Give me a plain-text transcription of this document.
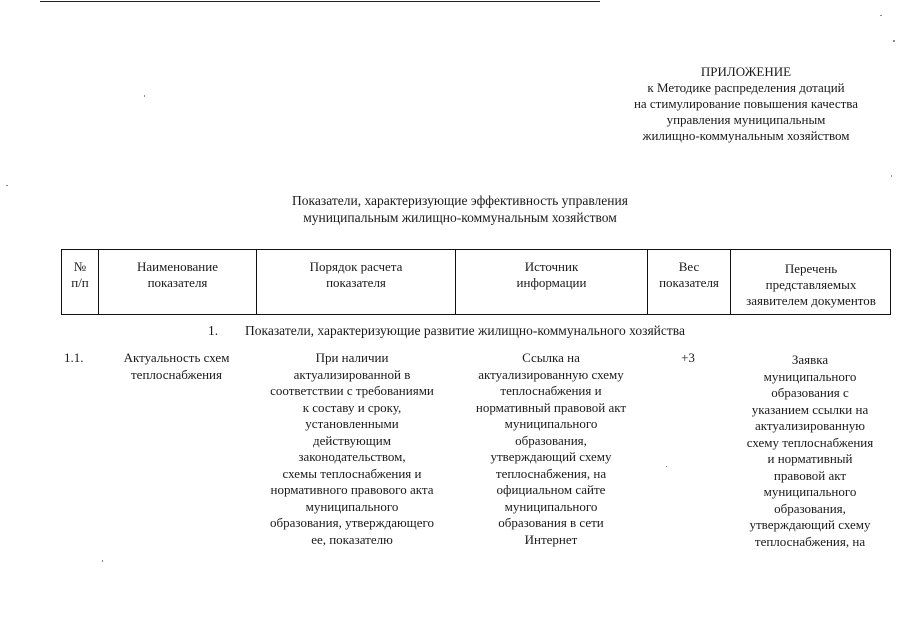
ПРИЛОЖЕНИЕ
к Методике распределения дотаций
на стимулирование повышения качества
управления муниципальным
жилищно-коммунальным хозяйством
Показатели, характеризующие эффективность управления
муниципальным жилищно-коммунальным хозяйством
№
п/п
Наименование
показателя
Порядок расчета
показателя
Источник
информации
Вес
показателя
Перечень
представляемых
заявителем документов
1. Показатели, характеризующие развитие жилищно-коммунального хозяйства
1.1.	Актуальность схем
теплоснабжения
При наличии
актуализированной в
соответствии с требованиями
к составу и сроку,
установленными
действующим
законодательством,
схемы теплоснабжения и
нормативного правового акта
муниципального
образования, утверждающего
ее, показателю
Ссылка на
актуализированную схему
теплоснабжения и
нормативный правовой акт
муниципального
образования,
утверждающий схему
теплоснабжения, на
официальном сайте
муниципального
образования в сети
Интернет
+3	Заявка
муниципального
образования с
указанием ссылки на
актуализированную
схему теплоснабжения
и нормативный
правовой акт
муниципального
образования,
утверждающий схему
теплоснабжения, на
